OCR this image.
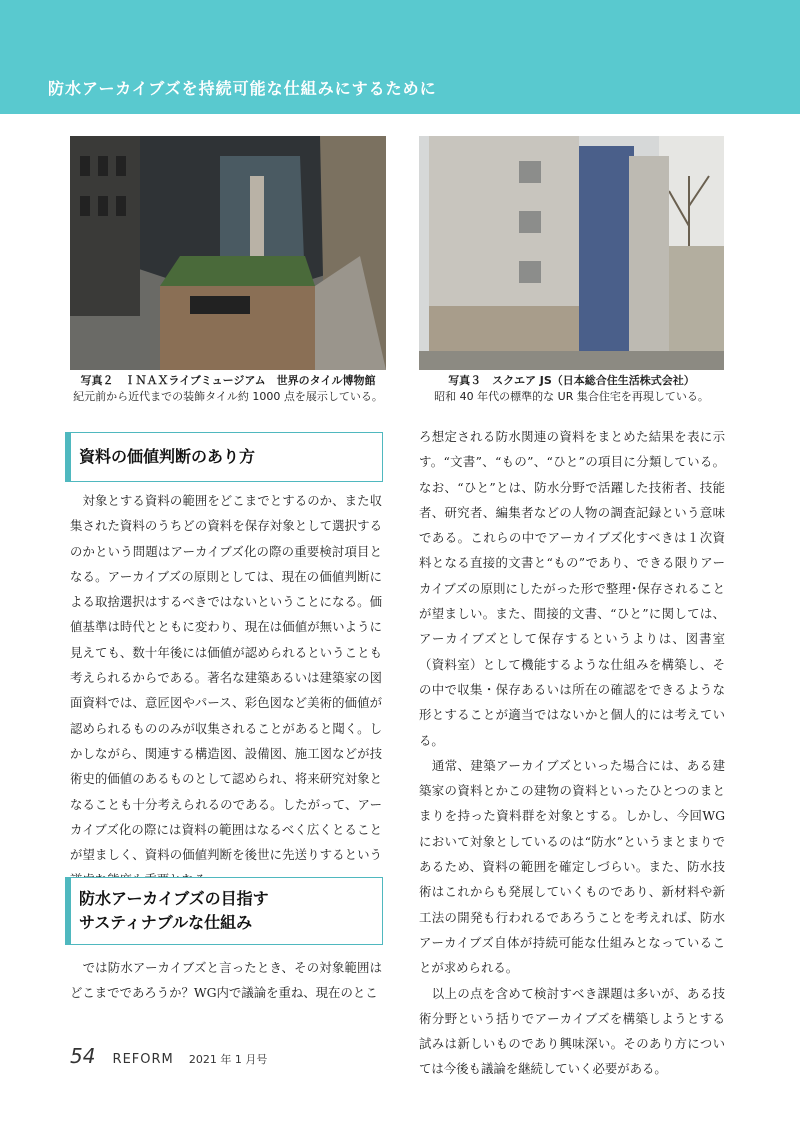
防水アーカイブズを持続可能な仕組みにするために
写真２　ＩＮＡＸライブミュージアム　世界のタイル博物館
紀元前から近代までの装飾タイル約 1000 点を展示している。
写真３　スクエア JS（日本総合住生活株式会社）
昭和 40 年代の標準的な UR 集合住宅を再現している。
資料の価値判断のあり方

　対象とする資料の範囲をどこまでとするのか、また収集された資料のうちどの資料を保存対象として選択するのかという問題はアーカイブズ化の際の重要検討項目となる。アーカイブズの原則としては、現在の価値判断による取捨選択はするべきではないということになる。価値基準は時代とともに変わり、現在は価値が無いように見えても、数十年後には価値が認められるということも考えられるからである。著名な建築あるいは建築家の図面資料では、意匠図やパース、彩色図など美術的価値が認められるもののみが収集されることがあると聞く。しかしながら、関連する構造図、設備図、施工図などが技術史的価値のあるものとして認められ、将来研究対象となることも十分考えられるのである。したがって、アーカイブズ化の際には資料の範囲はなるべく広くとることが望ましく、資料の価値判断を後世に先送りするという

防水アーカイブズの目指す
サスティナブルな仕組み

　では防水アーカイブズと言ったとき、その対象範囲はどこまでであろうか？WG内で議論を重ね、現在のとこ

ろ想定される防水関連の資料をまとめた結果を表に示す。“文書”、“もの”、“ひと”の項目に分類している。なお、“ひと”とは、防水分野で活躍した技術者、技能者、研究者、編集者などの人物の調査記録という意味である。これらの中でアーカイブズ化すべきは１次資料となる直接的文書と“もの”であり、できる限りアーカイブズの原則にしたがった形で整理･保存されることが望ましい。また、間接的文書、“ひと”に関しては、アーカイブズとして保存するというよりは、図書室（資料室）として機能するような仕組みを構築し、その中で収集・保存あるいは所在の確認をできるような形とすることが適当ではないかと個人的には考えている。

　通常、建築アーカイブズといった場合には、ある建築家の資料とかこの建物の資料といったひとつのまとまりを持った資料群を対象とする。しかし、今回WGにおいて対象としているのは“防水”というまとまりであるため、資料の範囲を確定しづらい。また、防水技術はこれからも発展していくものであり、新材料や新工法の開発も行われるであろうことを考えれば、防水アーカイブズ自体が持続可能な仕組みとなっていることが求められる。

　以上の点を含めて検討すべき課題は多いが、ある技術分野という括りでアーカイブズを構築しようとする試みは新しいものであり興味深い。そのあり方については今後も議論を継続していく必要がある。

54 REFORM 2021 年 1 月号
